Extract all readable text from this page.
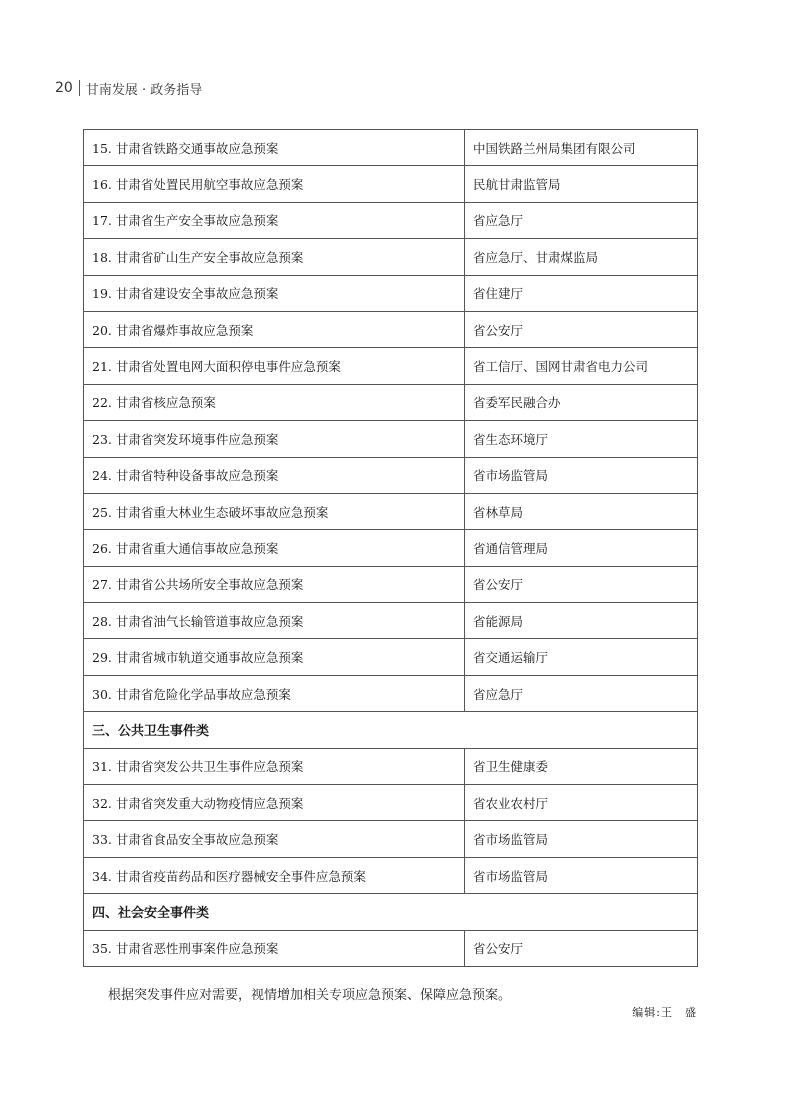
20 甘南发展 · 政务指导
15. 甘肃省铁路交通事故应急预案	中国铁路兰州局集团有限公司
16. 甘肃省处置民用航空事故应急预案	民航甘肃监管局
17. 甘肃省生产安全事故应急预案	省应急厅
18. 甘肃省矿山生产安全事故应急预案	省应急厅、甘肃煤监局
19. 甘肃省建设安全事故应急预案	省住建厅
20. 甘肃省爆炸事故应急预案	省公安厅
21. 甘肃省处置电网大面积停电事件应急预案	省工信厅、国网甘肃省电力公司
22. 甘肃省核应急预案	省委军民融合办
23. 甘肃省突发环境事件应急预案	省生态环境厅
24. 甘肃省特种设备事故应急预案	省市场监管局
25. 甘肃省重大林业生态破坏事故应急预案	省林草局
26. 甘肃省重大通信事故应急预案	省通信管理局
27. 甘肃省公共场所安全事故应急预案	省公安厅
28. 甘肃省油气长输管道事故应急预案	省能源局
29. 甘肃省城市轨道交通事故应急预案	省交通运输厅
30. 甘肃省危险化学品事故应急预案	省应急厅
三、公共卫生事件类	
31. 甘肃省突发公共卫生事件应急预案	省卫生健康委
32. 甘肃省突发重大动物疫情应急预案	省农业农村厅
33. 甘肃省食品安全事故应急预案	省市场监管局
34. 甘肃省疫苗药品和医疗器械安全事件应急预案	省市场监管局
四、社会安全事件类	
35. 甘肃省恶性刑事案件应急预案	省公安厅
根据突发事件应对需要，视情增加相关专项应急预案、保障应急预案。
编辑:王　盛
